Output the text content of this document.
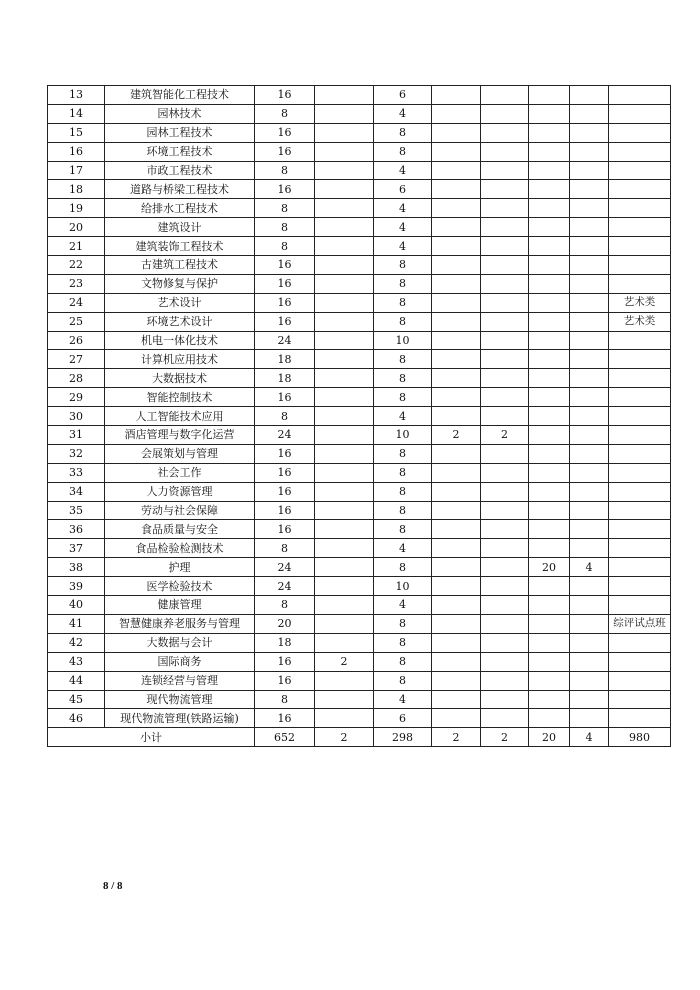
13	建筑智能化工程技术	16		6					
14	园林技术	8		4					
15	园林工程技术	16		8					
16	环境工程技术	16		8					
17	市政工程技术	8		4					
18	道路与桥梁工程技术	16		6					
19	给排水工程技术	8		4					
20	建筑设计	8		4					
21	建筑装饰工程技术	8		4					
22	古建筑工程技术	16		8					
23	文物修复与保护	16		8					
24	艺术设计	16		8					艺术类
25	环境艺术设计	16		8					艺术类
26	机电一体化技术	24		10					
27	计算机应用技术	18		8					
28	大数据技术	18		8					
29	智能控制技术	16		8					
30	人工智能技术应用	8		4					
31	酒店管理与数字化运营	24		10	2	2			
32	会展策划与管理	16		8					
33	社会工作	16		8					
34	人力资源管理	16		8					
35	劳动与社会保障	16		8					
36	食品质量与安全	16		8					
37	食品检验检测技术	8		4					
38	护理	24		8			20	4	
39	医学检验技术	24		10					
40	健康管理	8		4					
41	智慧健康养老服务与管理	20		8					综评试点班
42	大数据与会计	18		8					
43	国际商务	16	2	8					
44	连锁经营与管理	16		8					
45	现代物流管理	8		4					
46	现代物流管理(铁路运输)	16		6					
小计		652	2	298	2	2	20	4	980
8 / 8
